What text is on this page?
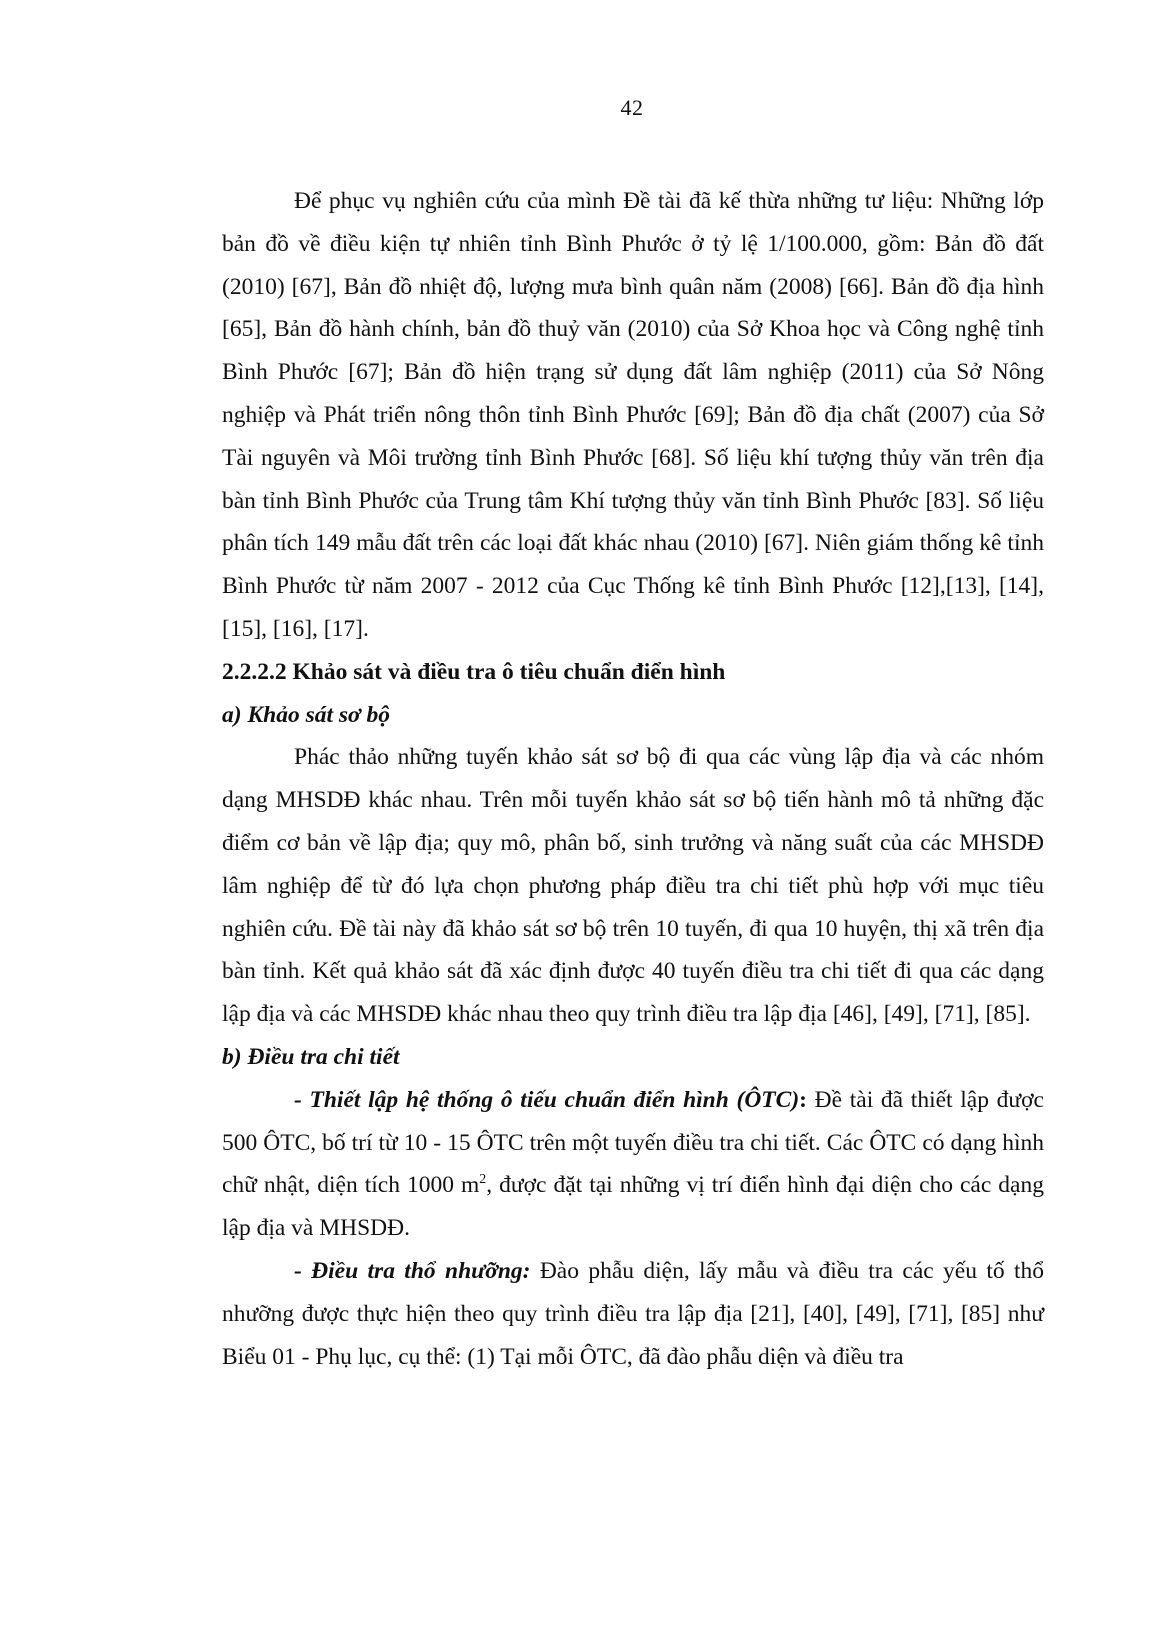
42

Để phục vụ nghiên cứu của mình Đề tài đã kế thừa những tư liệu: Những lớp bản đồ về điều kiện tự nhiên tỉnh Bình Phước ở tỷ lệ 1/100.000, gồm: Bản đồ đất (2010) [67], Bản đồ nhiệt độ, lượng mưa bình quân năm (2008) [66]. Bản đồ địa hình [65], Bản đồ hành chính, bản đồ thuỷ văn (2010) của Sở Khoa học và Công nghệ tỉnh Bình Phước [67]; Bản đồ hiện trạng sử dụng đất lâm nghiệp (2011) của Sở Nông nghiệp và Phát triển nông thôn tỉnh Bình Phước [69]; Bản đồ địa chất (2007) của Sở Tài nguyên và Môi trường tỉnh Bình Phước [68]. Số liệu khí tượng thủy văn trên địa bàn tỉnh Bình Phước của Trung tâm Khí tượng thủy văn tỉnh Bình Phước [83]. Số liệu phân tích 149 mẫu đất trên các loại đất khác nhau (2010) [67]. Niên giám thống kê tỉnh Bình Phước từ năm 2007 - 2012 của Cục Thống kê tỉnh Bình Phước [12],[13], [14], [15], [16], [17].

2.2.2.2 Khảo sát và điều tra ô tiêu chuẩn điển hình

a) Khảo sát sơ bộ

Phác thảo những tuyến khảo sát sơ bộ đi qua các vùng lập địa và các nhóm dạng MHSDĐ khác nhau. Trên mỗi tuyến khảo sát sơ bộ tiến hành mô tả những đặc điểm cơ bản về lập địa; quy mô, phân bố, sinh trưởng và năng suất của các MHSDĐ lâm nghiệp để từ đó lựa chọn phương pháp điều tra chi tiết phù hợp với mục tiêu nghiên cứu. Đề tài này đã khảo sát sơ bộ trên 10 tuyến, đi qua 10 huyện, thị xã trên địa bàn tỉnh. Kết quả khảo sát đã xác định được 40 tuyến điều tra chi tiết đi qua các dạng lập địa và các MHSDĐ khác nhau theo quy trình điều tra lập địa [46], [49], [71], [85].

b) Điều tra chi tiết

- Thiết lập hệ thống ô tiếu chuẩn điển hình (ÔTC): Đề tài đã thiết lập được 500 ÔTC, bố trí từ 10 - 15 ÔTC trên một tuyến điều tra chi tiết. Các ÔTC có dạng hình chữ nhật, diện tích 1000 $m^2$, được đặt tại những vị trí điển hình đại diện cho các dạng lập địa và MHSDĐ.

- Điều tra thổ nhưỡng: Đào phẫu diện, lấy mẫu và điều tra các yếu tố thổ nhưỡng được thực hiện theo quy trình điều tra lập địa [21], [40], [49], [71], [85] như Biểu 01 - Phụ lục, cụ thể: (1) Tại mỗi ÔTC, đã đào phẫu diện và điều tra
